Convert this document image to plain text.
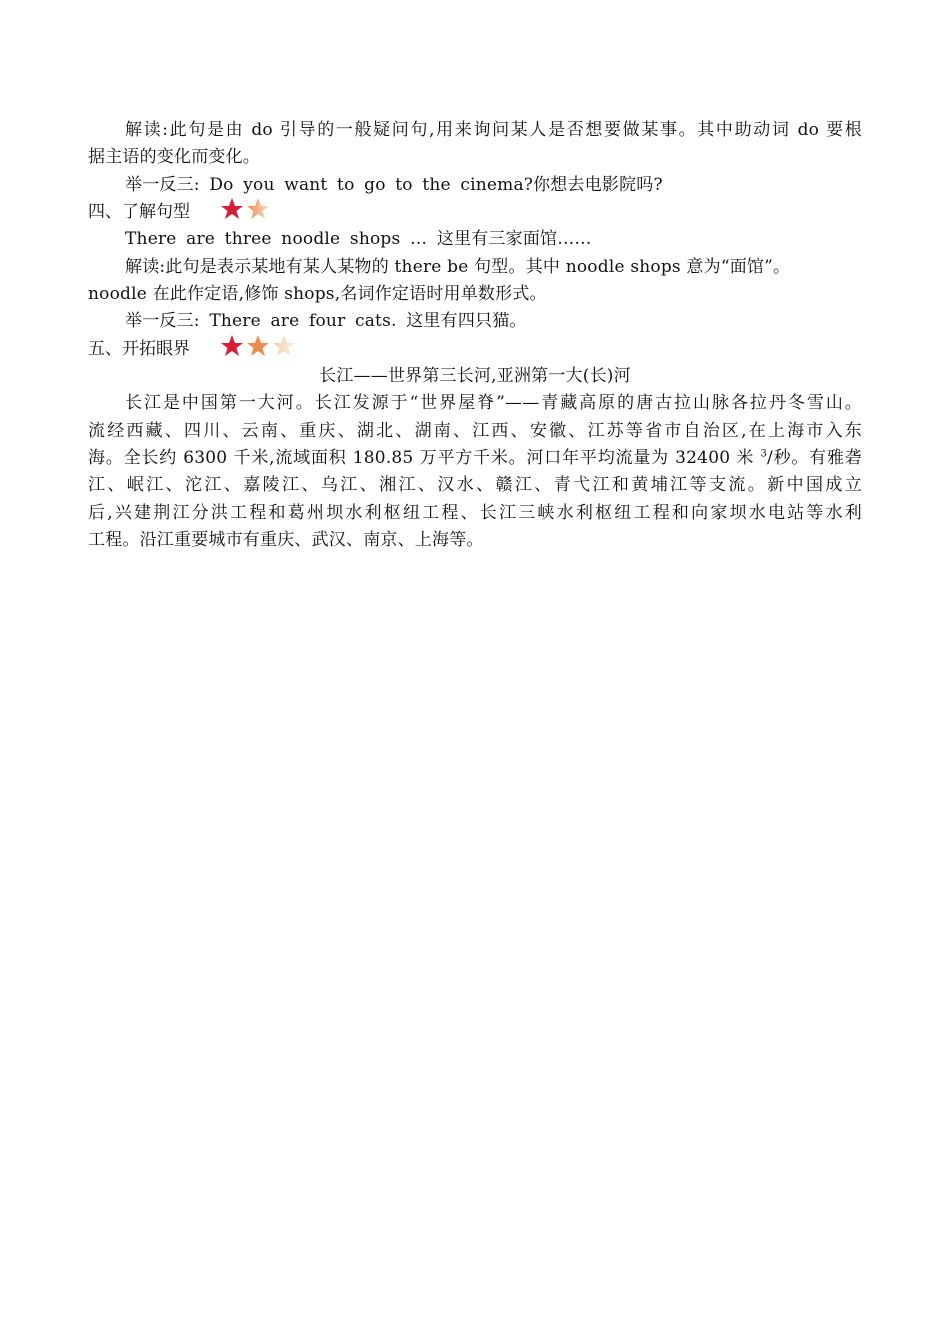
解读:此句是由 do 引导的一般疑问句,用来询问某人是否想要做某事。其中助动词 do 要根
据主语的变化而变化。
举一反三: Do you want to go to the cinema?你想去电影院吗?
四、了解句型
There are three noodle shops … 这里有三家面馆……
解读:此句是表示某地有某人某物的 there be 句型。其中 noodle shops 意为“面馆”。
noodle 在此作定语,修饰 shops,名词作定语时用单数形式。
举一反三: There are four cats. 这里有四只猫。
五、开拓眼界
长江——世界第三长河,亚洲第一大(长)河
长江是中国第一大河。长江发源于“世界屋脊”——青藏高原的唐古拉山脉各拉丹冬雪山。
流经西藏、四川、云南、重庆、湖北、湖南、江西、安徽、江苏等省市自治区,在上海市入东
海。全长约 6300 千米,流域面积 180.85 万平方千米。河口年平均流量为 32400 米 $^3$/秒。有雅砻
江、岷江、沱江、嘉陵江、乌江、湘江、汉水、赣江、青弋江和黄埔江等支流。新中国成立
后,兴建荆江分洪工程和葛州坝水利枢纽工程、长江三峡水利枢纽工程和向家坝水电站等水利
工程。沿江重要城市有重庆、武汉、南京、上海等。
